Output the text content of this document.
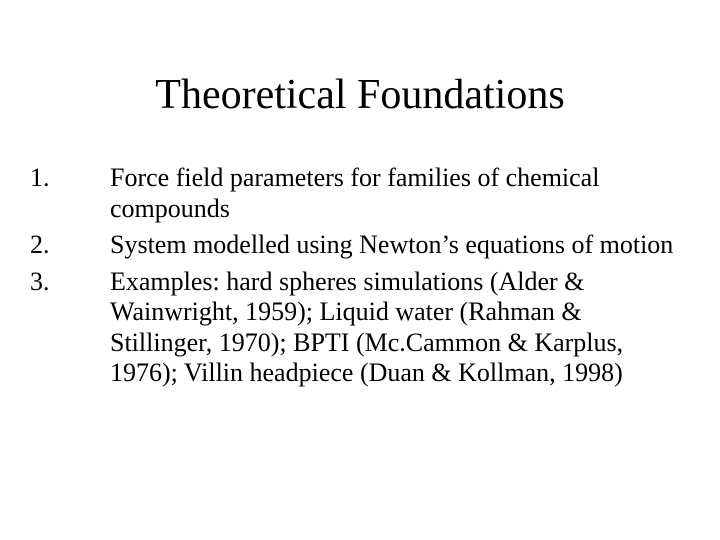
Theoretical Foundations
1.	Force field parameters for families of chemical compounds
2.	System modelled using Newton’s equations of motion
3.	Examples: hard spheres simulations (Alder & Wainwright, 1959); Liquid water (Rahman & Stillinger, 1970); BPTI (Mc.Cammon & Karplus, 1976); Villin headpiece (Duan & Kollman, 1998)
